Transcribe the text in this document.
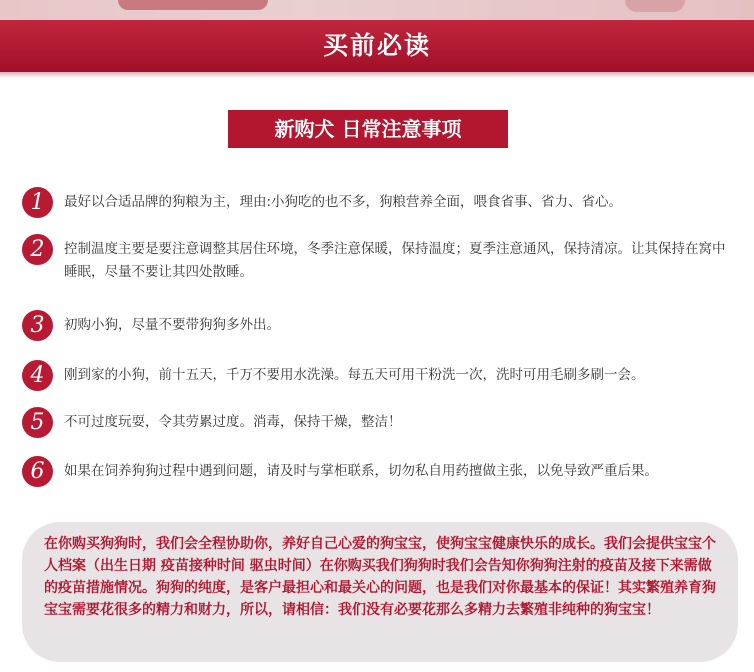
买前必读
新购犬 日常注意事项
1	最好以合适品牌的狗粮为主，理由:小狗吃的也不多，狗粮营养全面，喂食省事、省力、省心。
2	控制温度主要是要注意调整其居住环境，冬季注意保暖，保持温度；夏季注意通风，保持清凉。让其保持在窝中睡眠，尽量不要让其四处散睡。
3	初购小狗，尽量不要带狗狗多外出。
4	刚到家的小狗，前十五天，千万不要用水洗澡。每五天可用干粉洗一次，洗时可用毛刷多刷一会。
5	不可过度玩耍，令其劳累过度。消毒，保持干燥，整洁！
6	如果在饲养狗狗过程中遇到问题，请及时与掌柜联系，切勿私自用药擅做主张，以免导致严重后果。
在你购买狗狗时，我们会全程协助你，养好自己心爱的狗宝宝，使狗宝宝健康快乐的成长。我们会提供宝宝个人档案（出生日期 疫苗接种时间 驱虫时间）在你购买我们狗狗时我们会告知你狗狗注射的疫苗及接下来需做的疫苗措施情况。狗狗的纯度，是客户最担心和最关心的问题，也是我们对你最基本的保证！其实繁殖养育狗宝宝需要花很多的精力和财力，所以，请相信：我们没有必要花那么多精力去繁殖非纯种的狗宝宝！
